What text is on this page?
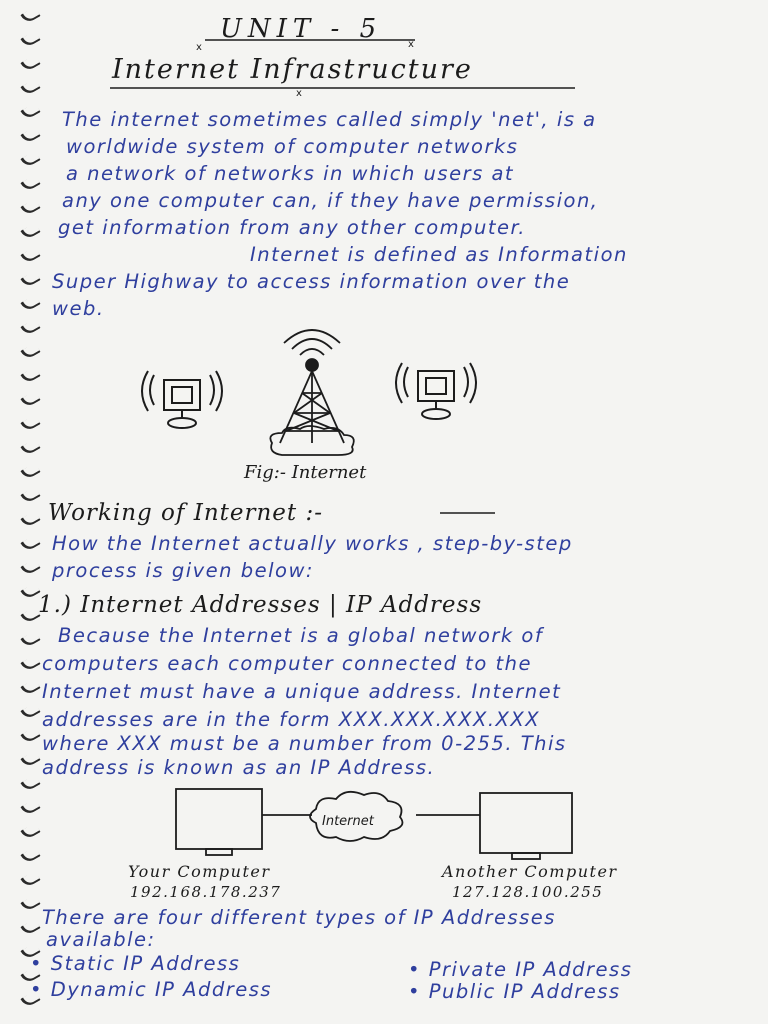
UNIT - 5
x	x
x
Internet Infrastructure
The internet sometimes called simply 'net', is a
worldwide system of computer networks
a network of networks in which users at
any one computer can, if they have permission,
get information from any other computer.
Internet is defined as Information
Super Highway to access information over the
web.
Fig:- Internet
Working of Internet :-
How the Internet actually works , step-by-step
process is given below:
1.) Internet Addresses | IP Address
Because the Internet is a global network of
computers each computer connected to the
Internet must have a unique address. Internet
addresses are in the form XXX.XXX.XXX.XXX
where XXX must be a number from 0-255. This
address is known as an IP Address.
Internet
Your Computer
192.168.178.237
Another Computer
127.128.100.255
There are four different types of IP Addresses
available:
• Static IP Address
• Dynamic IP Address
• Private IP Address
• Public IP Address
